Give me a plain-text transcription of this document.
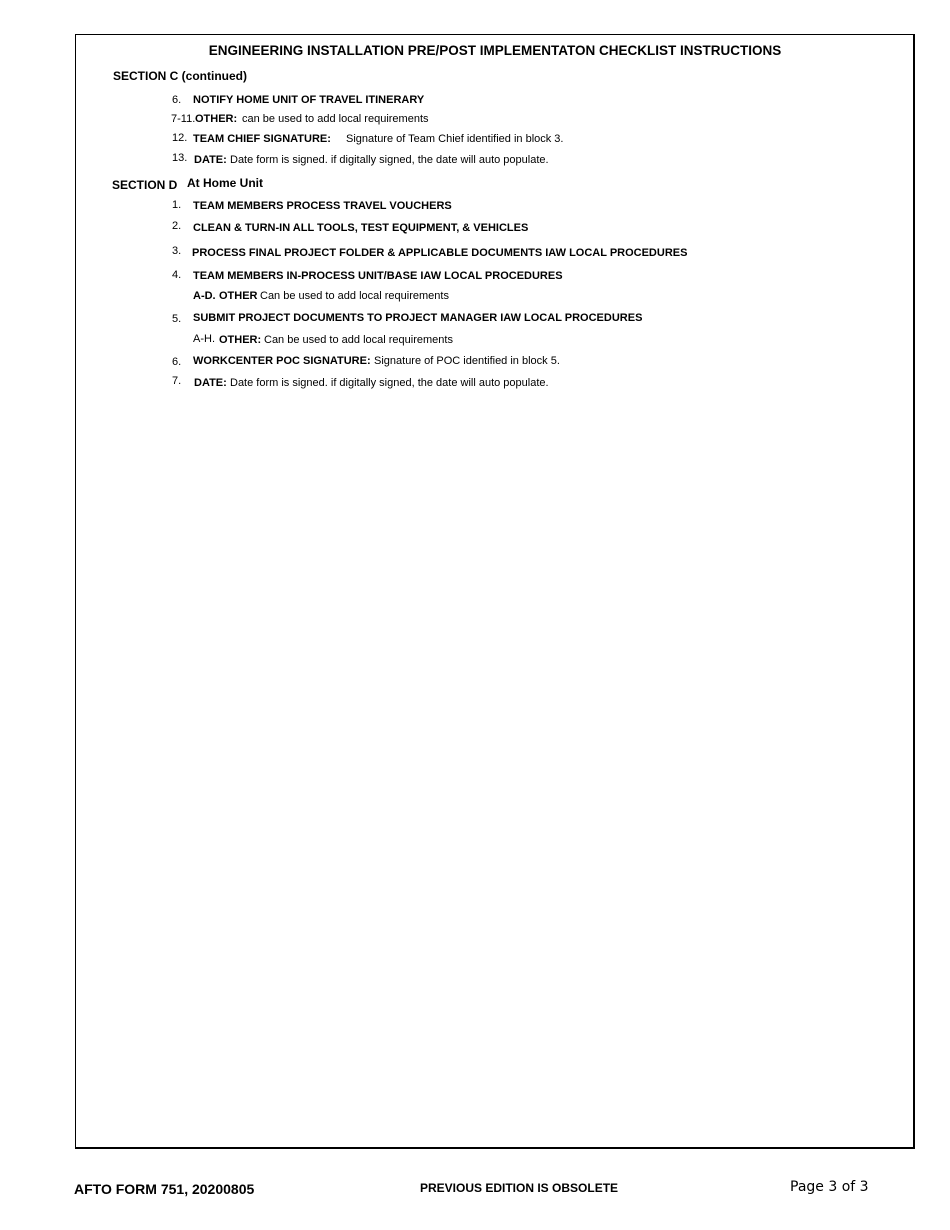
ENGINEERING INSTALLATION PRE/POST IMPLEMENTATON CHECKLIST INSTRUCTIONS
SECTION C (continued)
6. NOTIFY HOME UNIT OF TRAVEL ITINERARY
7-11. OTHER: can be used to add local requirements
12. TEAM CHIEF SIGNATURE: Signature of Team Chief identified in block 3.
13. DATE: Date form is signed. if digitally signed, the date will auto populate.
SECTION D At Home Unit
1. TEAM MEMBERS PROCESS TRAVEL VOUCHERS
2. CLEAN & TURN-IN ALL TOOLS, TEST EQUIPMENT, & VEHICLES
3. PROCESS FINAL PROJECT FOLDER & APPLICABLE DOCUMENTS IAW LOCAL PROCEDURES
4. TEAM MEMBERS IN-PROCESS UNIT/BASE IAW LOCAL PROCEDURES
A-D. OTHER Can be used to add local requirements
5. SUBMIT PROJECT DOCUMENTS TO PROJECT MANAGER IAW LOCAL PROCEDURES
A-H. OTHER: Can be used to add local requirements
6. WORKCENTER POC SIGNATURE: Signature of POC identified in block 5.
7. DATE: Date form is signed. if digitally signed, the date will auto populate.
AFTO FORM 751, 20200805	PREVIOUS EDITION IS OBSOLETE	Page 3 of 3
